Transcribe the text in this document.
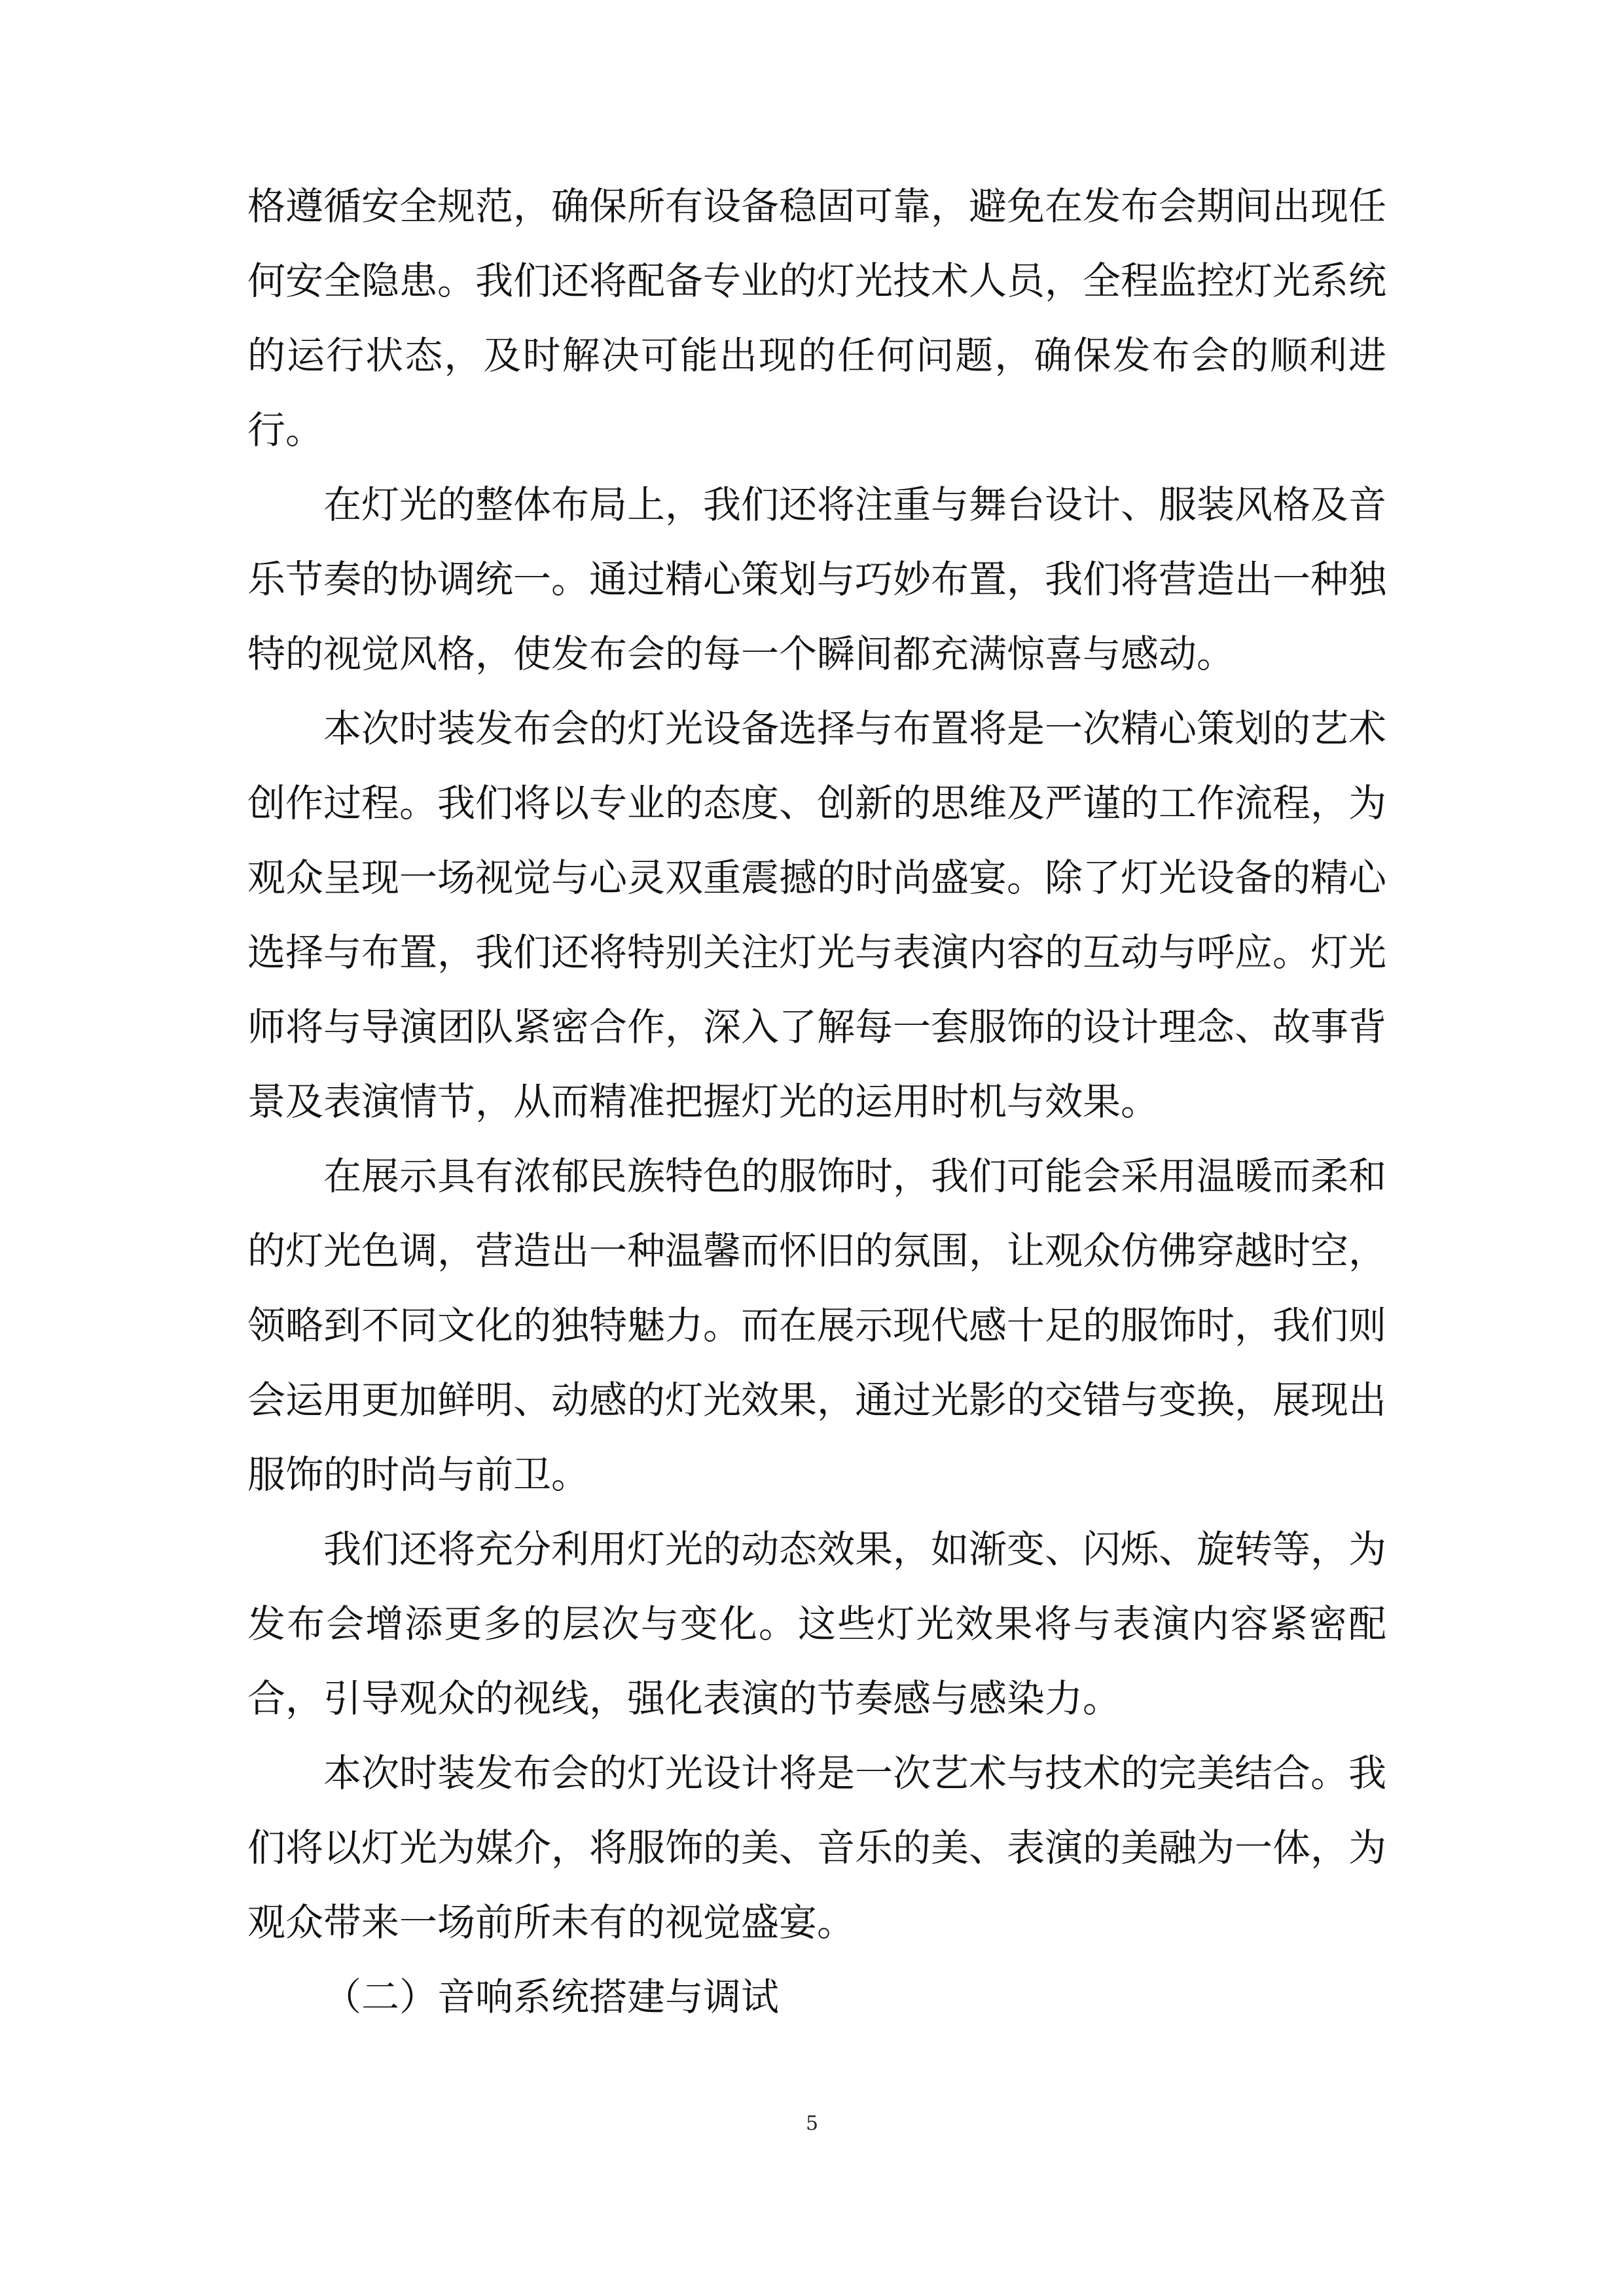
格遵循安全规范，确保所有设备稳固可靠，避免在发布会期间出现任何安全隐患。我们还将配备专业的灯光技术人员，全程监控灯光系统的运行状态，及时解决可能出现的任何问题，确保发布会的顺利进行。

在灯光的整体布局上，我们还将注重与舞台设计、服装风格及音乐节奏的协调统一。通过精心策划与巧妙布置，我们将营造出一种独特的视觉风格，使发布会的每一个瞬间都充满惊喜与感动。

本次时装发布会的灯光设备选择与布置将是一次精心策划的艺术创作过程。我们将以专业的态度、创新的思维及严谨的工作流程，为观众呈现一场视觉与心灵双重震撼的时尚盛宴。除了灯光设备的精心选择与布置，我们还将特别关注灯光与表演内容的互动与呼应。灯光师将与导演团队紧密合作，深入了解每一套服饰的设计理念、故事背景及表演情节，从而精准把握灯光的运用时机与效果。

在展示具有浓郁民族特色的服饰时，我们可能会采用温暖而柔和的灯光色调，营造出一种温馨而怀旧的氛围，让观众仿佛穿越时空，领略到不同文化的独特魅力。而在展示现代感十足的服饰时，我们则会运用更加鲜明、动感的灯光效果，通过光影的交错与变换，展现出服饰的时尚与前卫。

我们还将充分利用灯光的动态效果，如渐变、闪烁、旋转等，为发布会增添更多的层次与变化。这些灯光效果将与表演内容紧密配合，引导观众的视线，强化表演的节奏感与感染力。

本次时装发布会的灯光设计将是一次艺术与技术的完美结合。我们将以灯光为媒介，将服饰的美、音乐的美、表演的美融为一体，为观众带来一场前所未有的视觉盛宴。

（二）音响系统搭建与调试

5
